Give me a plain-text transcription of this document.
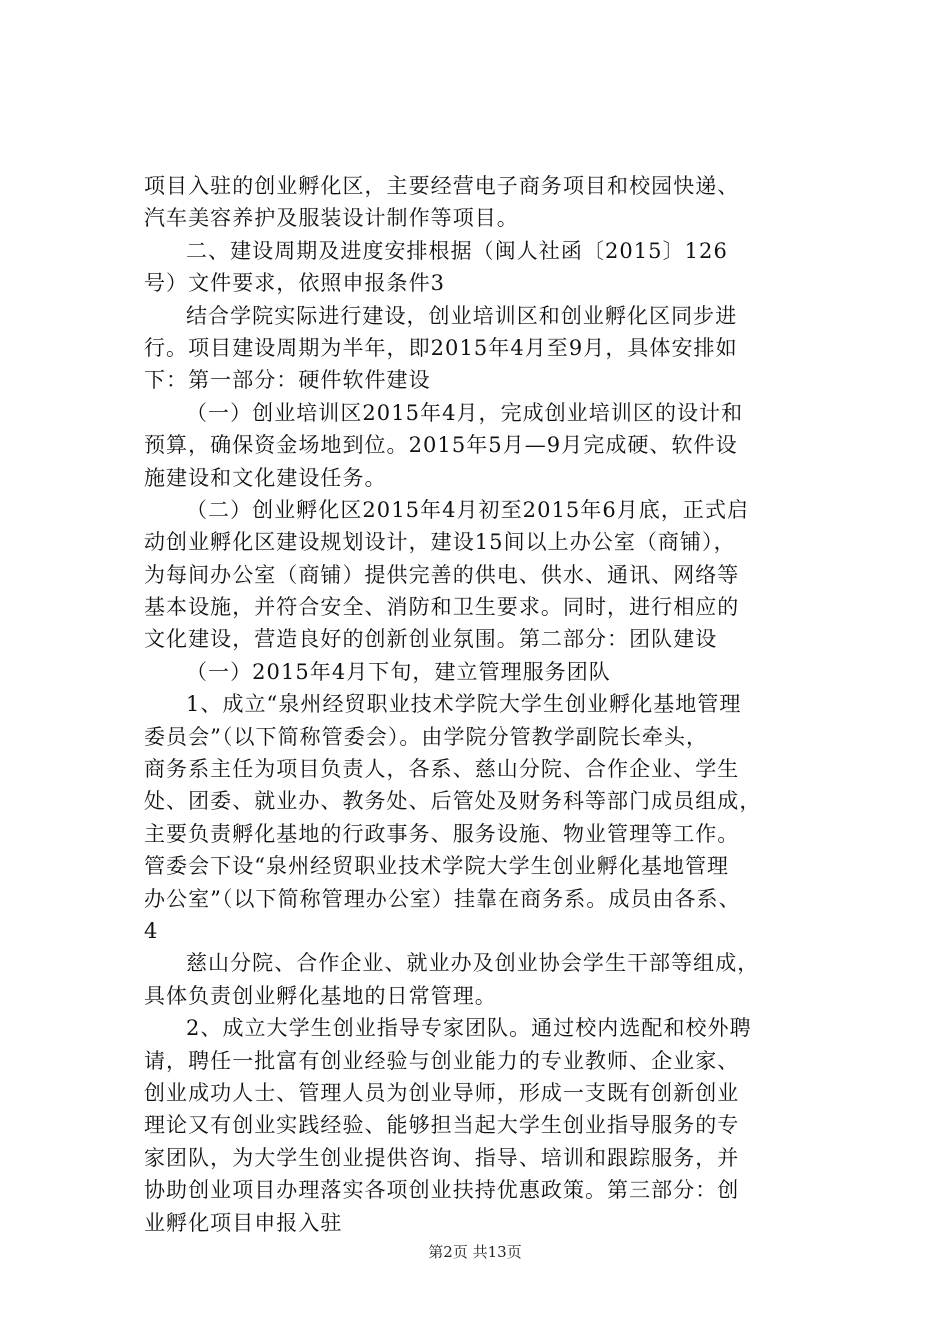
项目入驻的创业孵化区，主要经营电子商务项目和校园快递、
汽车美容养护及服装设计制作等项目。
二、建设周期及进度安排根据（闽人社函〔2015〕126
号）文件要求，依照申报条件3
结合学院实际进行建设，创业培训区和创业孵化区同步进
行。项目建设周期为半年，即2015年4月至9月，具体安排如
下：第一部分：硬件软件建设
（一）创业培训区2015年4月，完成创业培训区的设计和
预算，确保资金场地到位。2015年5月—9月完成硬、软件设
施建设和文化建设任务。
（二）创业孵化区2015年4月初至2015年6月底，正式启
动创业孵化区建设规划设计，建设15间以上办公室（商铺），
为每间办公室（商铺）提供完善的供电、供水、通讯、网络等
基本设施，并符合安全、消防和卫生要求。同时，进行相应的
文化建设，营造良好的创新创业氛围。第二部分：团队建设
（一）2015年4月下旬，建立管理服务团队
1、成立“泉州经贸职业技术学院大学生创业孵化基地管理
委员会”（以下简称管委会）。由学院分管教学副院长牵头，
商务系主任为项目负责人，各系、慈山分院、合作企业、学生
处、团委、就业办、教务处、后管处及财务科等部门成员组成，
主要负责孵化基地的行政事务、服务设施、物业管理等工作。
管委会下设“泉州经贸职业技术学院大学生创业孵化基地管理
办公室”（以下简称管理办公室）挂靠在商务系。成员由各系、
4
慈山分院、合作企业、就业办及创业协会学生干部等组成，
具体负责创业孵化基地的日常管理。
2、成立大学生创业指导专家团队。通过校内选配和校外聘
请，聘任一批富有创业经验与创业能力的专业教师、企业家、
创业成功人士、管理人员为创业导师，形成一支既有创新创业
理论又有创业实践经验、能够担当起大学生创业指导服务的专
家团队，为大学生创业提供咨询、指导、培训和跟踪服务，并
协助创业项目办理落实各项创业扶持优惠政策。第三部分：创
业孵化项目申报入驻
第2页 共13页
